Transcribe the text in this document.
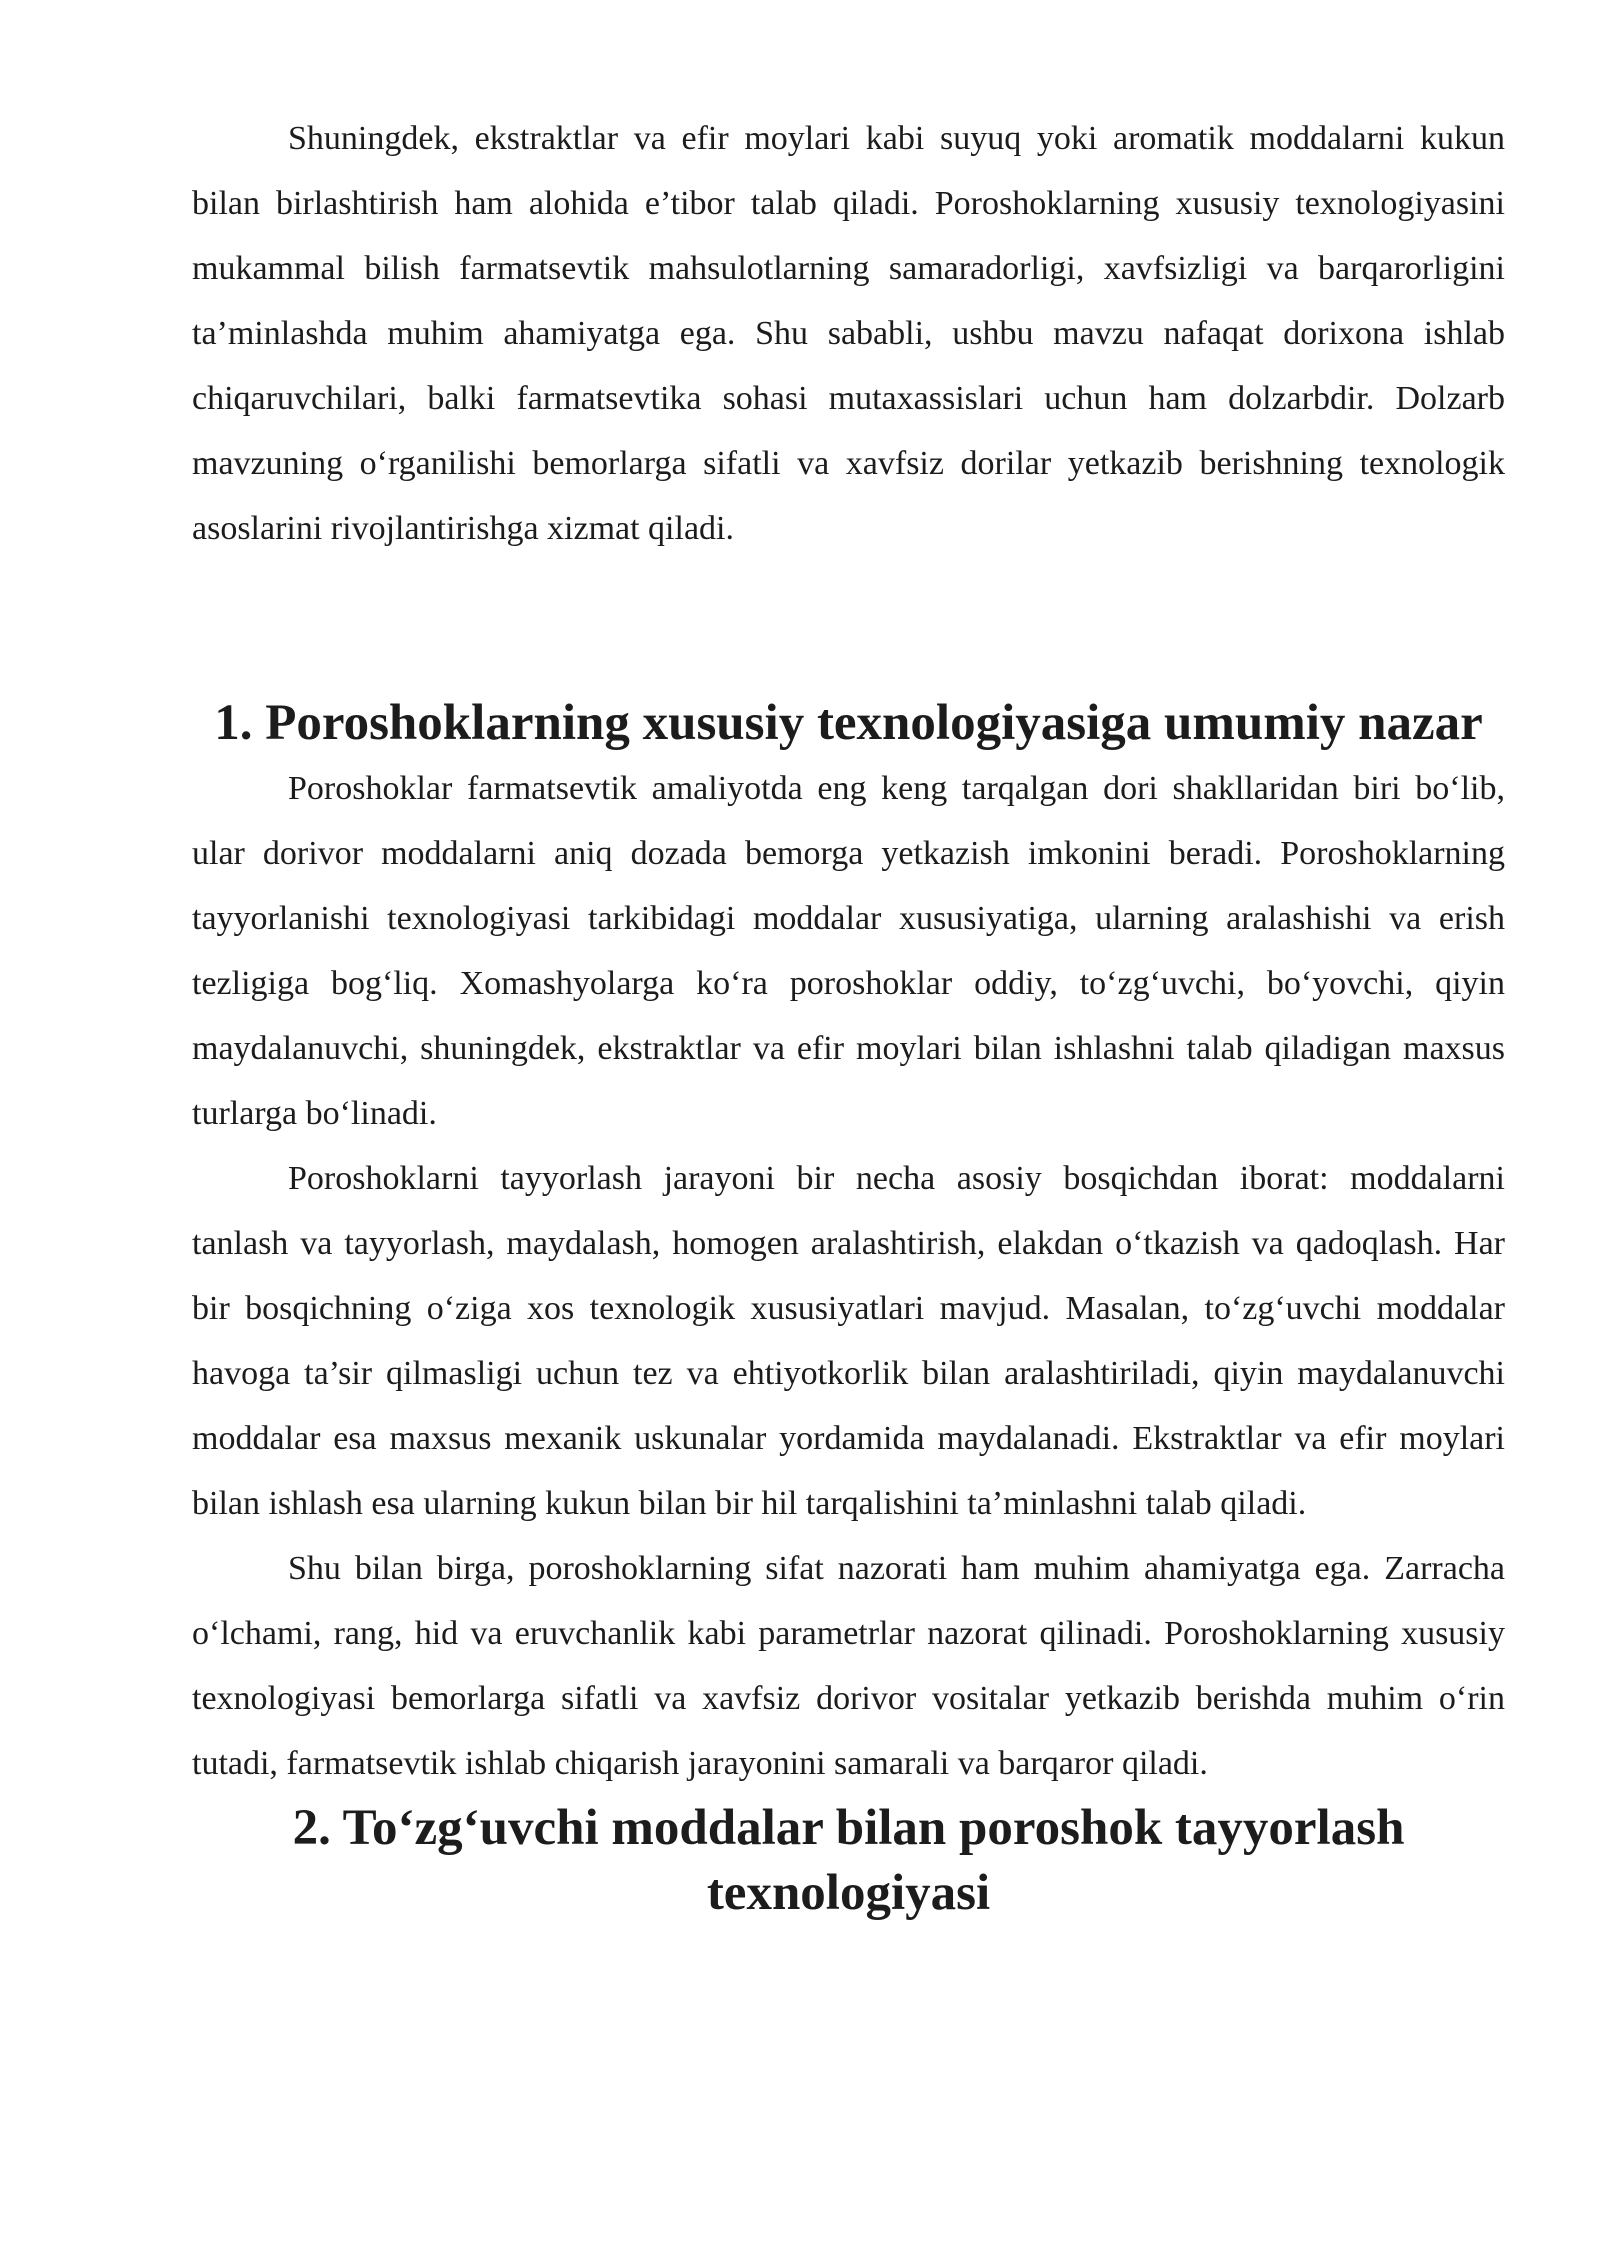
Shuningdek, ekstraktlar va efir moylari kabi suyuq yoki aromatik moddalarni kukun bilan birlashtirish ham alohida e’tibor talab qiladi. Poroshoklarning xususiy texnologiyasini mukammal bilish farmatsevtik mahsulotlarning samaradorligi, xavfsizligi va barqarorligini ta’minlashda muhim ahamiyatga ega. Shu sababli, ushbu mavzu nafaqat dorixona ishlab chiqaruvchilari, balki farmatsevtika sohasi mutaxassislari uchun ham dolzarbdir. Dolzarb mavzuning o‘rganilishi bemorlarga sifatli va xavfsiz dorilar yetkazib berishning texnologik asoslarini rivojlantirishga xizmat qiladi.

1. Poroshoklarning xususiy texnologiyasiga umumiy nazar

Poroshoklar farmatsevtik amaliyotda eng keng tarqalgan dori shakllaridan biri bo‘lib, ular dorivor moddalarni aniq dozada bemorga yetkazish imkonini beradi. Poroshoklarning tayyorlanishi texnologiyasi tarkibidagi moddalar xususiyatiga, ularning aralashishi va erish tezligiga bog‘liq. Xomashyolarga ko‘ra poroshoklar oddiy, to‘zg‘uvchi, bo‘yovchi, qiyin maydalanuvchi, shuningdek, ekstraktlar va efir moylari bilan ishlashni talab qiladigan maxsus turlarga bo‘linadi.

Poroshoklarni tayyorlash jarayoni bir necha asosiy bosqichdan iborat: moddalarni tanlash va tayyorlash, maydalash, homogen aralashtirish, elakdan o‘tkazish va qadoqlash. Har bir bosqichning o‘ziga xos texnologik xususiyatlari mavjud. Masalan, to‘zg‘uvchi moddalar havoga ta’sir qilmasligi uchun tez va ehtiyotkorlik bilan aralashtiriladi, qiyin maydalanuvchi moddalar esa maxsus mexanik uskunalar yordamida maydalanadi. Ekstraktlar va efir moylari bilan ishlash esa ularning kukun bilan bir hil tarqalishini ta’minlashni talab qiladi.

Shu bilan birga, poroshoklarning sifat nazorati ham muhim ahamiyatga ega. Zarracha o‘lchami, rang, hid va eruvchanlik kabi parametrlar nazorat qilinadi. Poroshoklarning xususiy texnologiyasi bemorlarga sifatli va xavfsiz dorivor vositalar yetkazib berishda muhim o‘rin tutadi, farmatsevtik ishlab chiqarish jarayonini samarali va barqaror qiladi.

2. To‘zg‘uvchi moddalar bilan poroshok tayyorlash texnologiyasi
